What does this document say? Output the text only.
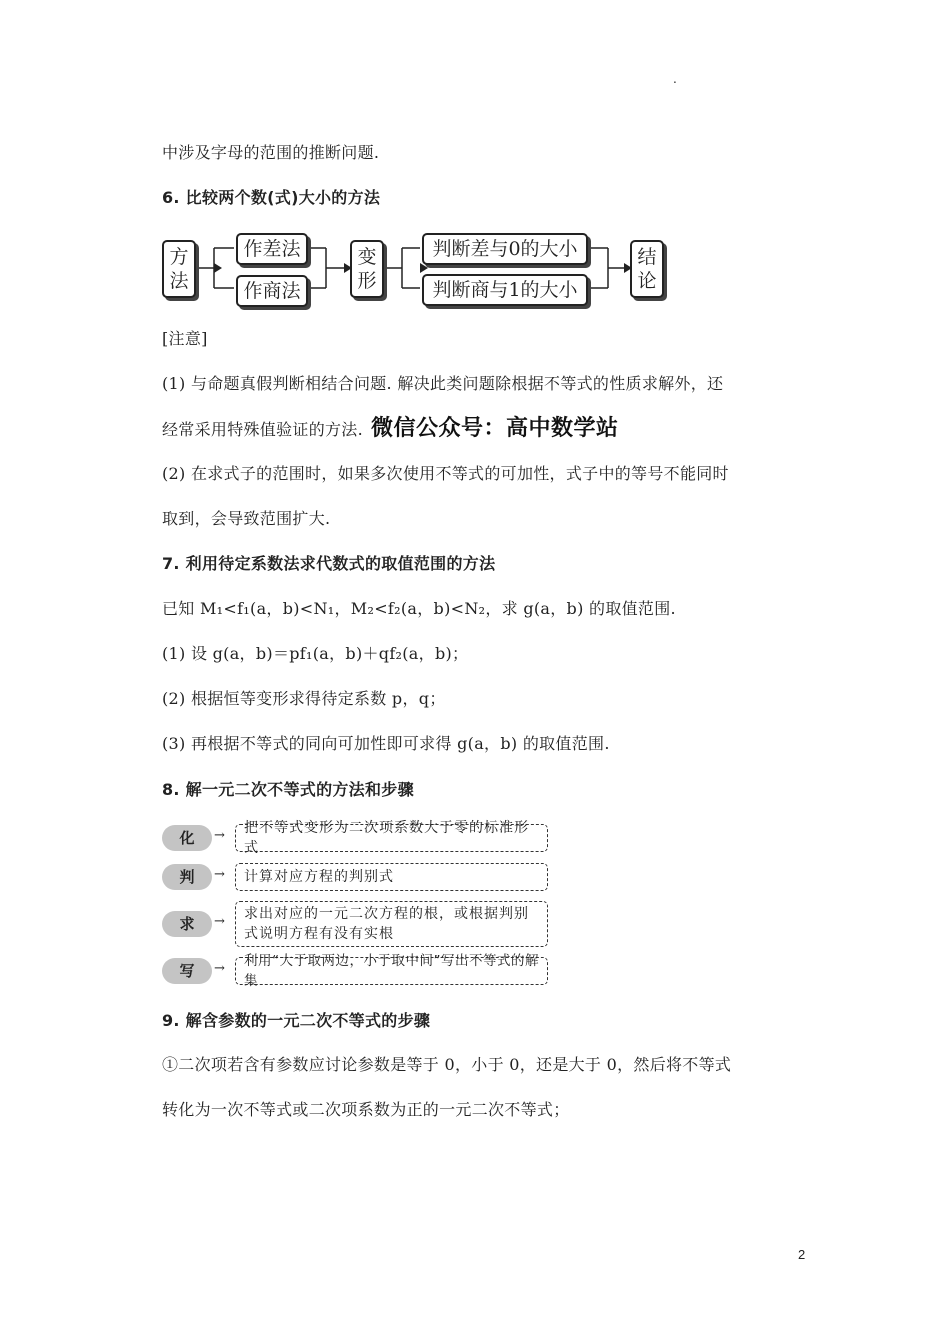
.
中涉及字母的范围的推断问题.
6. 比较两个数(式)大小的方法
方法
作差法
作商法
变形
判断差与0的大小
判断商与1的大小
结论
[注意]
(1) 与命题真假判断相结合问题. 解决此类问题除根据不等式的性质求解外，还
经常采用特殊值验证的方法. 微信公众号：高中数学站
(2) 在求式子的范围时，如果多次使用不等式的可加性，式子中的等号不能同时
取到，会导致范围扩大.
7. 利用待定系数法求代数式的取值范围的方法
已知 M₁<f₁(a，b)<N₁，M₂<f₂(a，b)<N₂，求 g(a，b) 的取值范围.
(1) 设 g(a，b)＝pf₁(a，b)＋qf₂(a，b)；
(2) 根据恒等变形求得待定系数 p，q；
(3) 再根据不等式的同向可加性即可求得 g(a，b) 的取值范围.
8. 解一元二次不等式的方法和步骤
化	→ 把不等式变形为二次项系数大于零的标准形式
判	→ 计算对应方程的判别式
求	→ 求出对应的一元二次方程的根，或根据判别式说明方程有没有实根
写	→ 利用“大于取两边，小于取中间”写出不等式的解集
9. 解含参数的一元二次不等式的步骤
①二次项若含有参数应讨论参数是等于 0，小于 0，还是大于 0，然后将不等式
转化为一次不等式或二次项系数为正的一元二次不等式；
2
